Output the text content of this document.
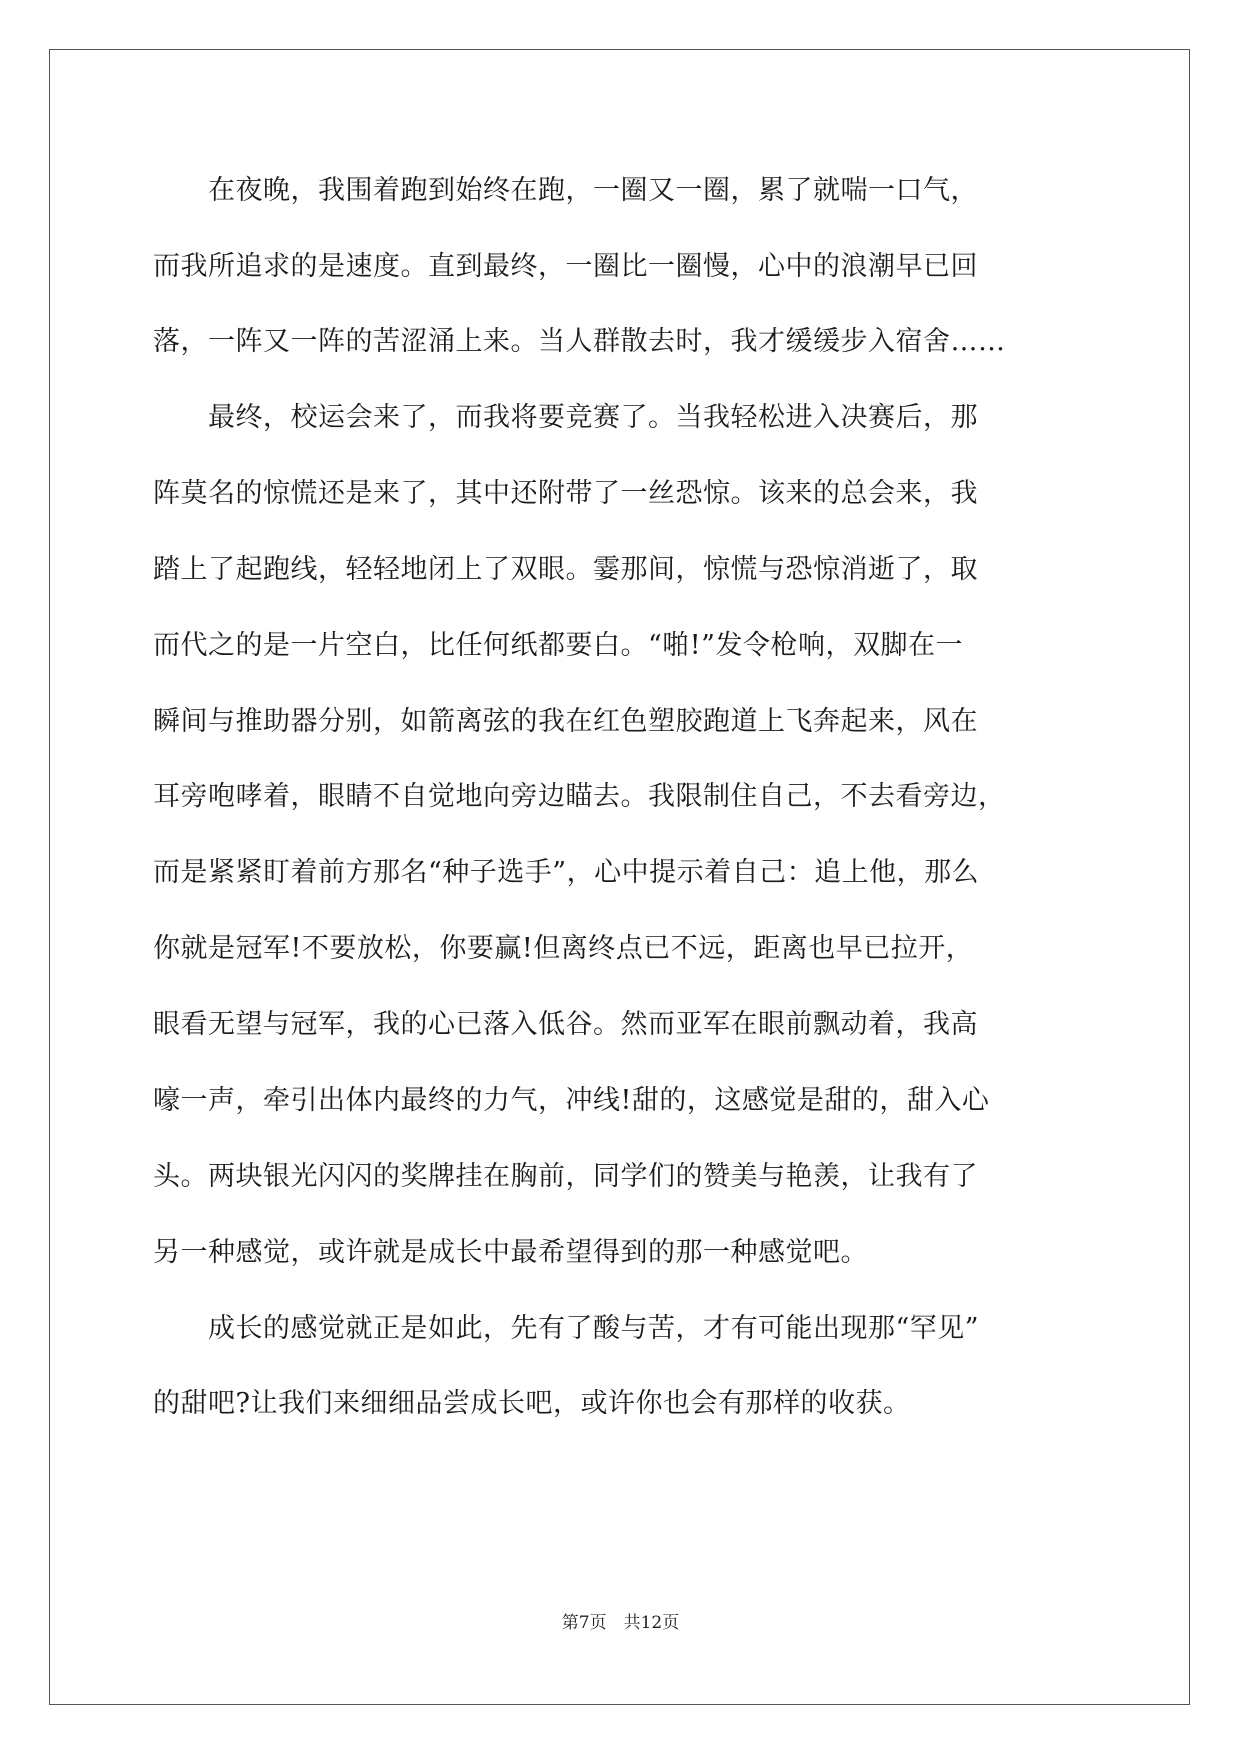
　　在夜晚，我围着跑到始终在跑，一圈又一圈，累了就喘一口气，
而我所追求的是速度。直到最终，一圈比一圈慢，心中的浪潮早已回
落，一阵又一阵的苦涩涌上来。当人群散去时，我才缓缓步入宿舍……
　　最终，校运会来了，而我将要竞赛了。当我轻松进入决赛后，那
阵莫名的惊慌还是来了，其中还附带了一丝恐惊。该来的总会来，我
踏上了起跑线，轻轻地闭上了双眼。霎那间，惊慌与恐惊消逝了，取
而代之的是一片空白，比任何纸都要白。“啪!”发令枪响，双脚在一
瞬间与推助器分别，如箭离弦的我在红色塑胶跑道上飞奔起来，风在
耳旁咆哮着，眼睛不自觉地向旁边瞄去。我限制住自己，不去看旁边，
而是紧紧盯着前方那名“种子选手”，心中提示着自己：追上他，那么
你就是冠军!不要放松，你要赢!但离终点已不远，距离也早已拉开，
眼看无望与冠军，我的心已落入低谷。然而亚军在眼前飘动着，我高
嚎一声，牵引出体内最终的力气，冲线!甜的，这感觉是甜的，甜入心
头。两块银光闪闪的奖牌挂在胸前，同学们的赞美与艳羡，让我有了
另一种感觉，或许就是成长中最希望得到的那一种感觉吧。
　　成长的感觉就正是如此，先有了酸与苦，才有可能出现那“罕见”
的甜吧?让我们来细细品尝成长吧，或许你也会有那样的收获。
第7页　共12页
